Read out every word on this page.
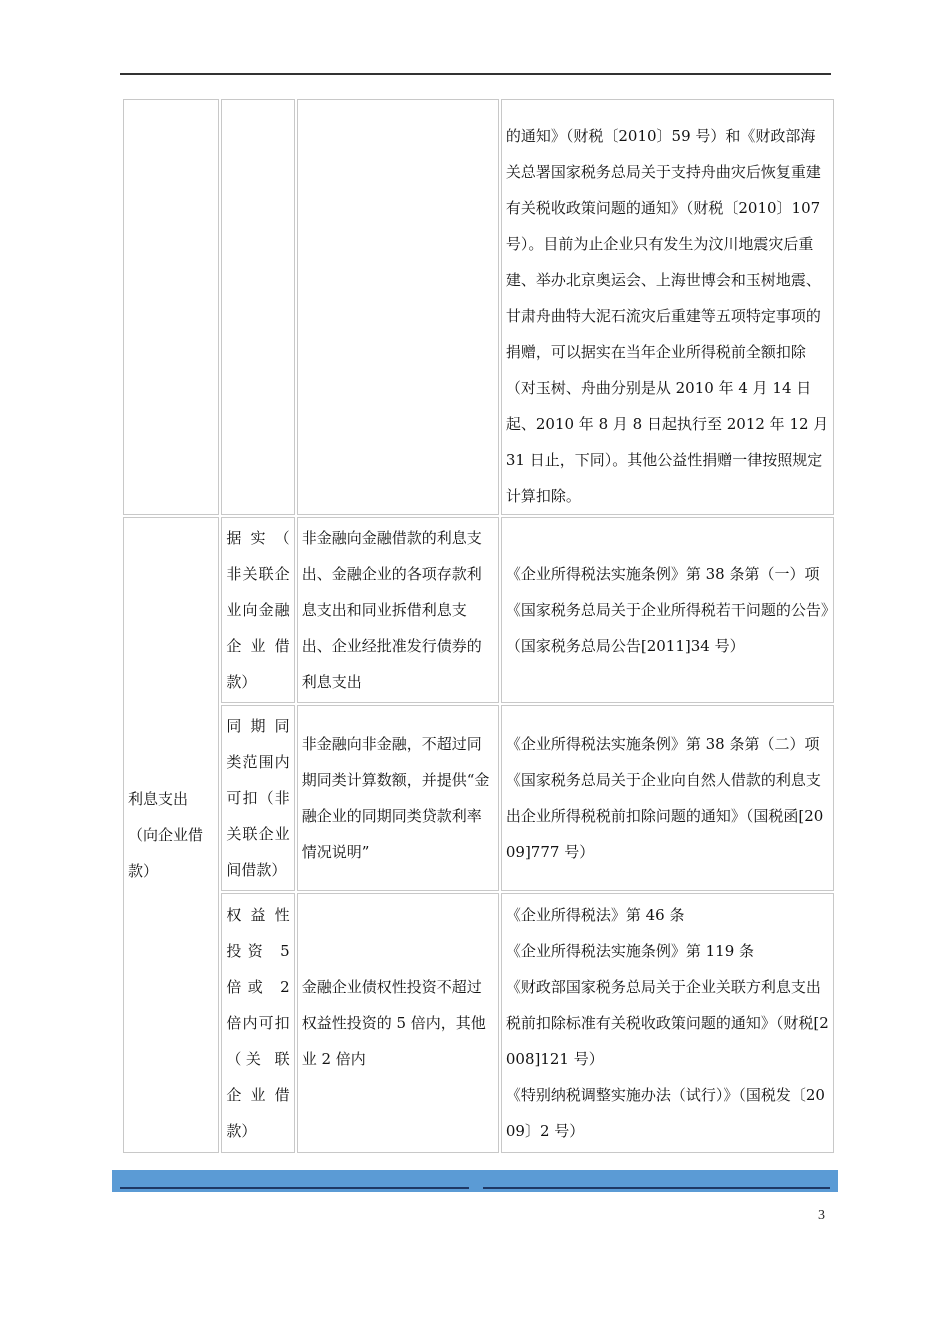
			的通知》（财税〔2010〕59 号）和《财政部海关总署国家税务总局关于支持舟曲灾后恢复重建有关税收政策问题的通知》（财税〔2010〕107 号）。目前为止企业只有发生为汶川地震灾后重建、举办北京奥运会、上海世博会和玉树地震、甘肃舟曲特大泥石流灾后重建等五项特定事项的捐赠，可以据实在当年企业所得税前全额扣除（对玉树、舟曲分别是从 2010 年 4 月 14 日起、2010 年 8 月 8 日起执行至 2012 年 12 月 31 日止，下同）。其他公益性捐赠一律按照规定计算扣除。
利息支出（向企业借款）	据实（ 非关联企 业向金融 企业借款）	非金融向金融借款的利息支出、金融企业的各项存款利息支出和同业拆借利息支出、企业经批准发行债券的利息支出	《企业所得税法实施条例》第 38 条第（一）项
《国家税务总局关于企业所得税若干问题的公告》（国家税务总局公告[2011]34 号）

	同期同 类范围内 可扣（非 关联企业 间借款）	非金融向非金融，不超过同期同类计算数额，并提供“金融企业的同期同类贷款利率情况说明”	《企业所得税法实施条例》第 38 条第（二）项
《国家税务总局关于企业向自然人借款的利息支出企业所得税税前扣除问题的通知》（国税函[2009]777 号）

	权益性 投资 5 倍或 2 倍内可扣（关 联 企 业 借 款）	金融企业债权性投资不超过权益性投资的 5 倍内，其他业 2 倍内	《企业所得税法》第 46 条
《企业所得税法实施条例》第 119 条
《财政部国家税务总局关于企业关联方利息支出税前扣除标准有关税收政策问题的通知》（财税[2008]121 号）
《特别纳税调整实施办法（试行）》（国税发〔2009〕2 号）
3
